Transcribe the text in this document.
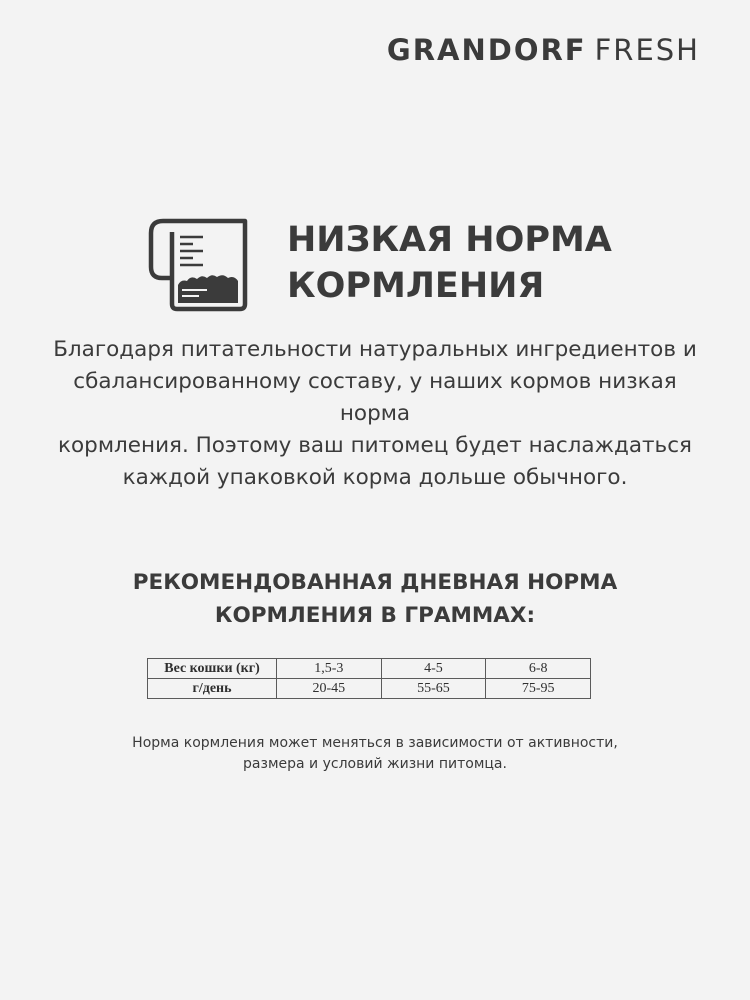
GRANDORF FRESH
НИЗКАЯ НОРМА
КОРМЛЕНИЯ
Благодаря питательности натуральных ингредиентов и
сбалансированному составу, у наших кормов низкая норма
кормления. Поэтому ваш питомец будет наслаждаться
каждой упаковкой корма дольше обычного.
РЕКОМЕНДОВАННАЯ ДНЕВНАЯ НОРМА
КОРМЛЕНИЯ В ГРАММАХ:
Вес кошки (кг)	1,5-3	4-5	6-8
г/день	20-45	55-65	75-95
Норма кормления может меняться в зависимости от активности,
размера и условий жизни питомца.
